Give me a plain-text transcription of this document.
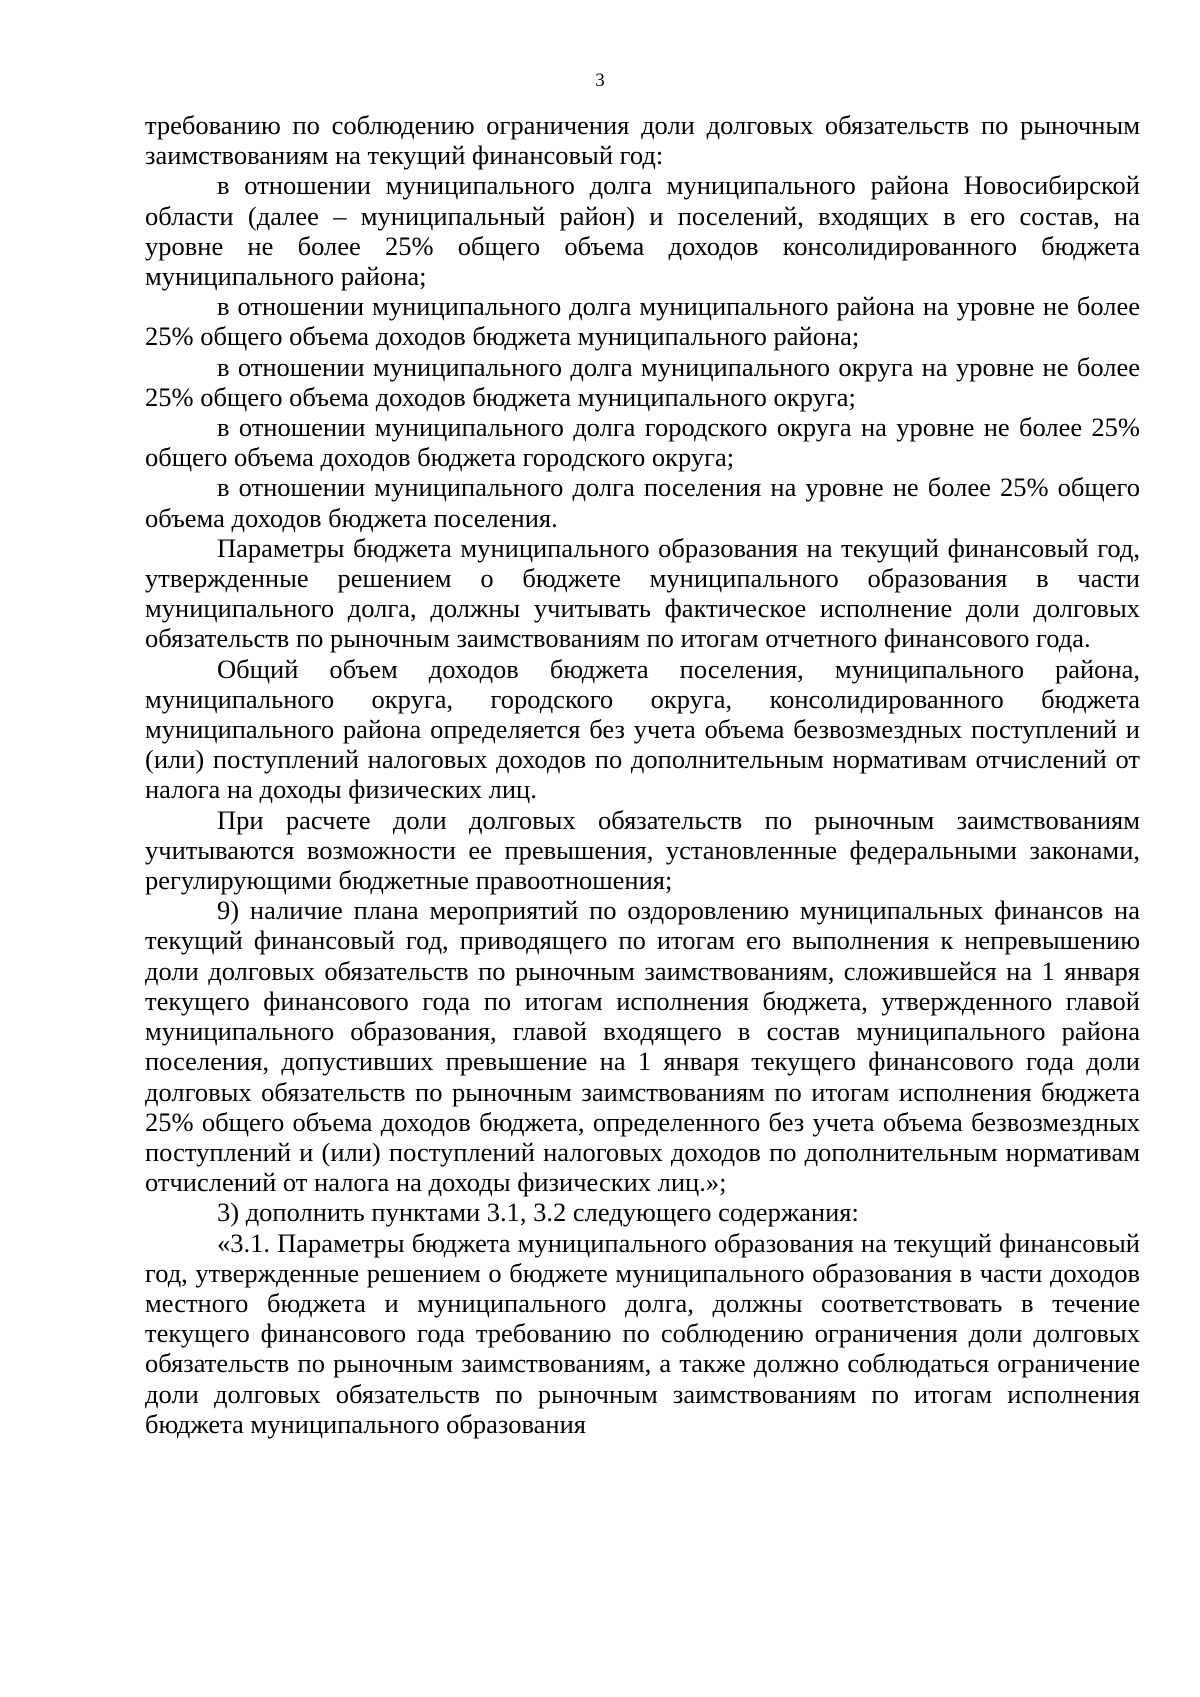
3

требованию по соблюдению ограничения доли долговых обязательств по рыночным заимствованиям на текущий финансовый год:

в отношении муниципального долга муниципального района Новосибирской области (далее – муниципальный район) и поселений, входящих в его состав, на уровне не более 25% общего объема доходов консолидированного бюджета муниципального района;

в отношении муниципального долга муниципального района на уровне не более 25% общего объема доходов бюджета муниципального района;

в отношении муниципального долга муниципального округа на уровне не более 25% общего объема доходов бюджета муниципального округа;

в отношении муниципального долга городского округа на уровне не более 25% общего объема доходов бюджета городского округа;

в отношении муниципального долга поселения на уровне не более 25% общего объема доходов бюджета поселения.

Параметры бюджета муниципального образования на текущий финансовый год, утвержденные решением о бюджете муниципального образования в части муниципального долга, должны учитывать фактическое исполнение доли долговых обязательств по рыночным заимствованиям по итогам отчетного финансового года.

Общий объем доходов бюджета поселения, муниципального района, муниципального округа, городского округа, консолидированного бюджета муниципального района определяется без учета объема безвозмездных поступлений и (или) поступлений налоговых доходов по дополнительным нормативам отчислений от налога на доходы физических лиц.

При расчете доли долговых обязательств по рыночным заимствованиям учитываются возможности ее превышения, установленные федеральными законами, регулирующими бюджетные правоотношения;

9) наличие плана мероприятий по оздоровлению муниципальных финансов на текущий финансовый год, приводящего по итогам его выполнения к непревышению доли долговых обязательств по рыночным заимствованиям, сложившейся на 1 января текущего финансового года по итогам исполнения бюджета, утвержденного главой муниципального образования, главой входящего в состав муниципального района поселения, допустивших превышение на 1 января текущего финансового года доли долговых обязательств по рыночным заимствованиям по итогам исполнения бюджета 25% общего объема доходов бюджета, определенного без учета объема безвозмездных поступлений и (или) поступлений налоговых доходов по дополнительным нормативам отчислений от налога на доходы физических лиц.»;

3) дополнить пунктами 3.1, 3.2 следующего содержания:

«3.1. Параметры бюджета муниципального образования на текущий финансовый год, утвержденные решением о бюджете муниципального образования в части доходов местного бюджета и муниципального долга, должны соответствовать в течение текущего финансового года требованию по соблюдению ограничения доли долговых обязательств по рыночным заимствованиям, а также должно соблюдаться ограничение доли долговых обязательств по рыночным заимствованиям по итогам исполнения бюджета муниципального образования
